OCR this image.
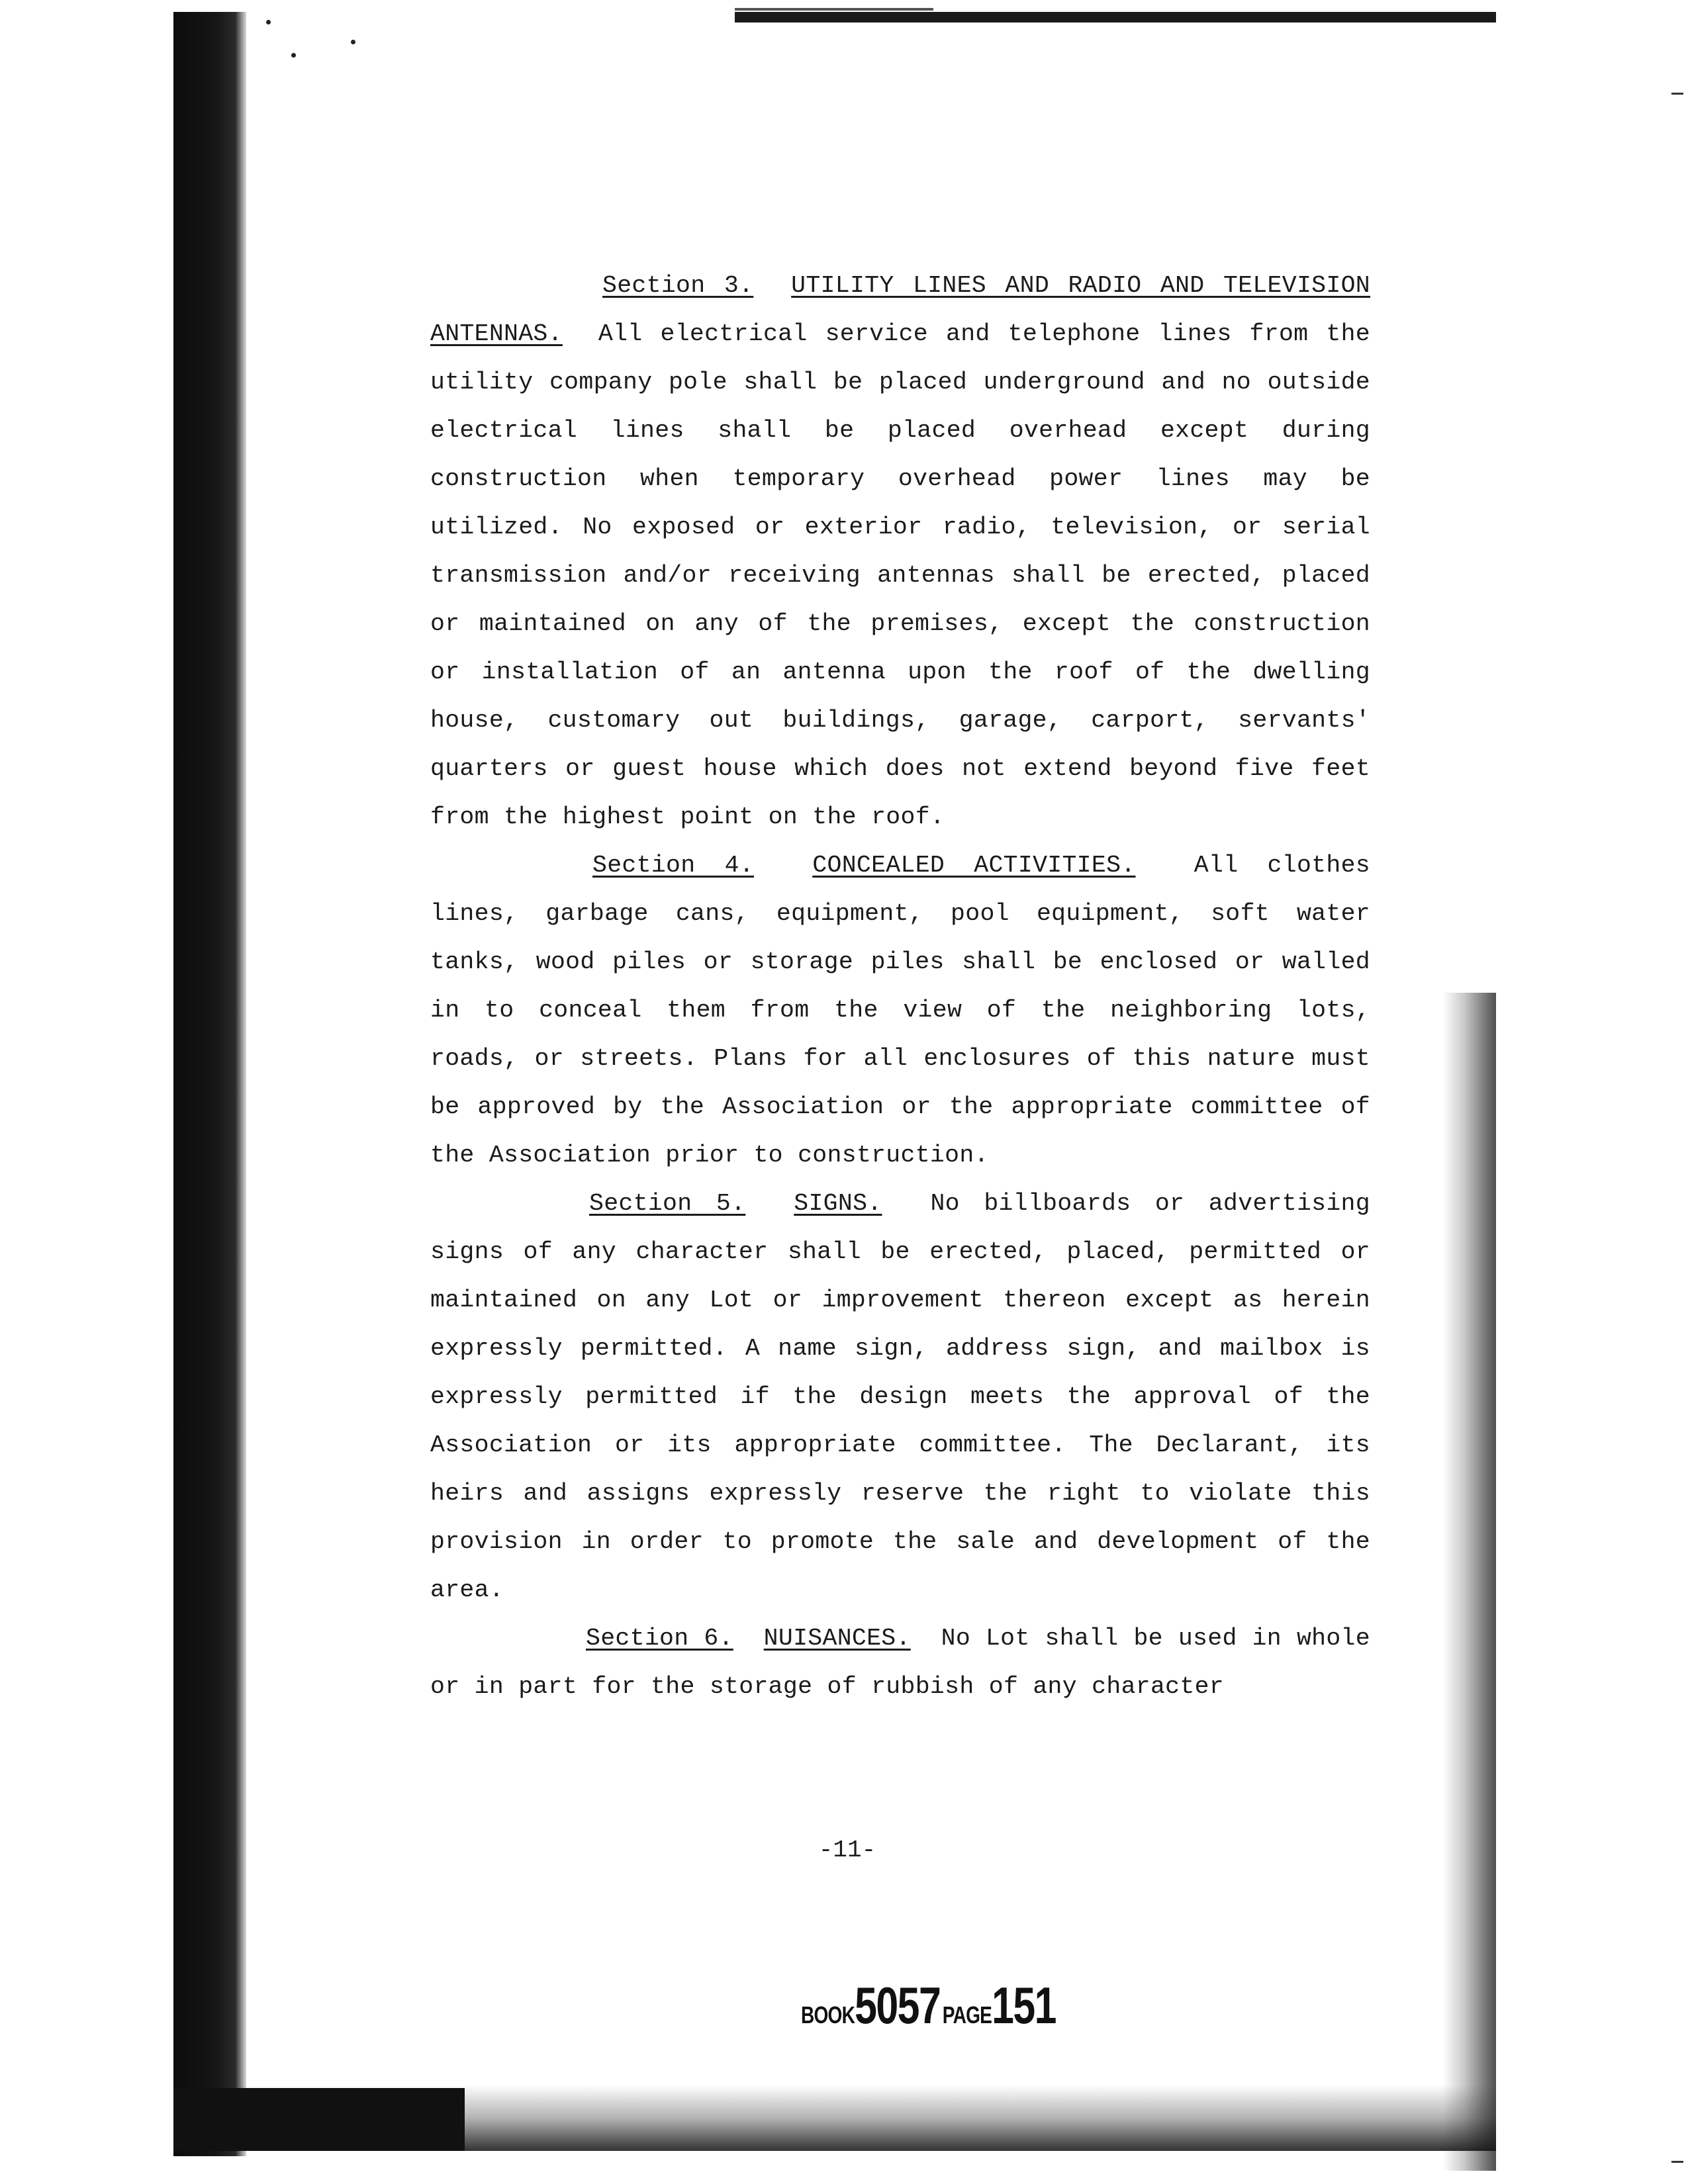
Section 3. UTILITY LINES AND RADIO AND TELEVISION ANTENNAS. All electrical service and telephone lines from the utility company pole shall be placed underground and no outside electrical lines shall be placed overhead except during construction when temporary overhead power lines may be utilized. No exposed or exterior radio, television, or serial transmission and/or receiving antennas shall be erected, placed or maintained on any of the premises, except the construction or installation of an antenna upon the roof of the dwelling house, customary out buildings, garage, carport, servants' quarters or guest house which does not extend beyond five feet from the highest point on the roof.

Section 4. CONCEALED ACTIVITIES. All clothes lines, garbage cans, equipment, pool equipment, soft water tanks, wood piles or storage piles shall be enclosed or walled in to conceal them from the view of the neighboring lots, roads, or streets. Plans for all enclosures of this nature must be approved by the Association or the appropriate committee of the Association prior to construction.

Section 5. SIGNS. No billboards or advertising signs of any character shall be erected, placed, permitted or maintained on any Lot or improvement thereon except as herein expressly permitted. A name sign, address sign, and mailbox is expressly permitted if the design meets the approval of the Association or its appropriate committee. The Declarant, its heirs and assigns expressly reserve the right to violate this provision in order to promote the sale and development of the area.

Section 6. NUISANCES. No Lot shall be used in whole or in part for the storage of rubbish of any character

-11-
BOOK5057 PAGE151
